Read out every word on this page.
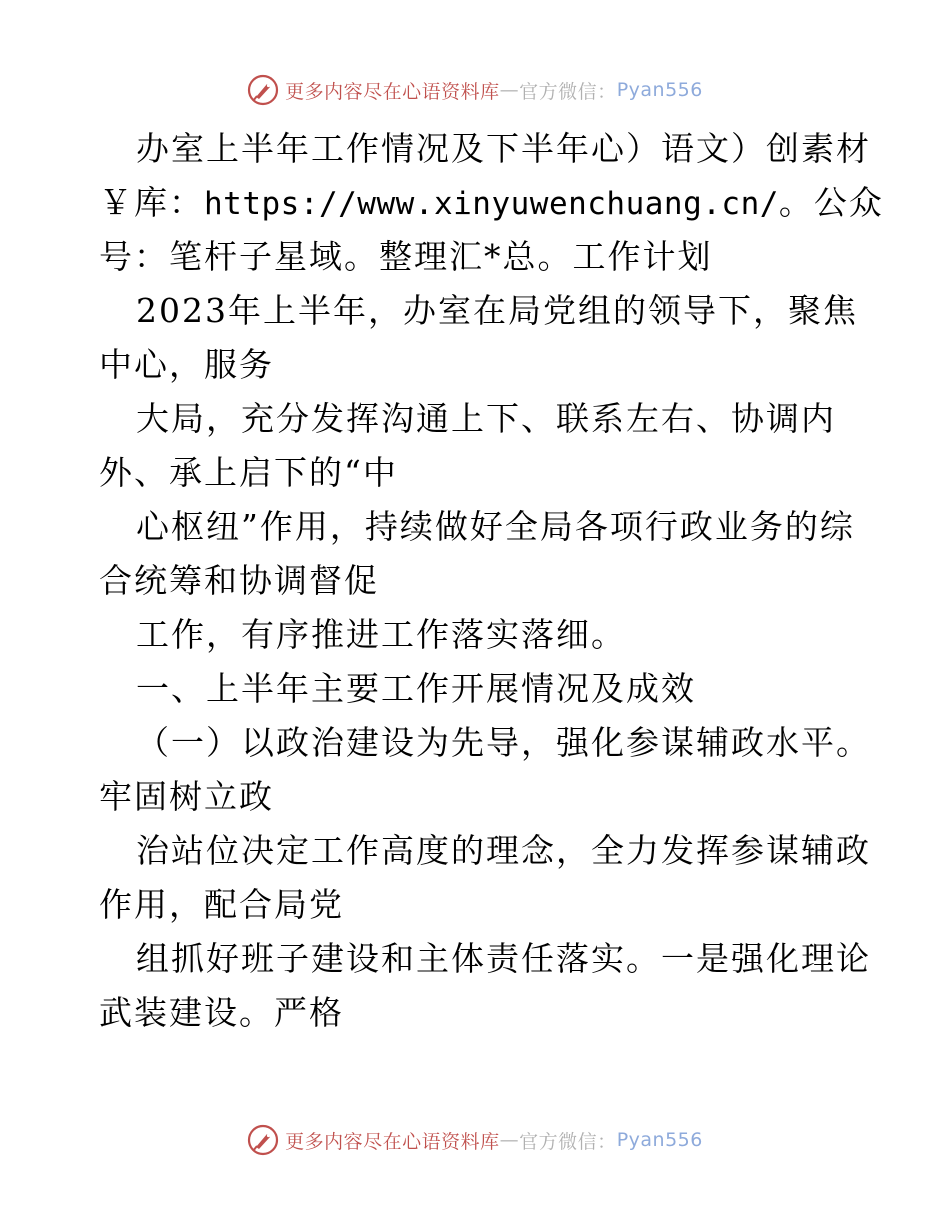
更多内容尽在心语资料库 — 官方微信： Pyan556
办室上半年工作情况及下半年心）语文）创素材
￥库：https://www.xinyuwenchuang.cn/。公众
号：笔杆子星域。整理汇*总。工作计划
2023年上半年，办室在局党组的领导下，聚焦
中心，服务
大局，充分发挥沟通上下、联系左右、协调内
外、承上启下的“中
心枢纽”作用，持续做好全局各项行政业务的综
合统筹和协调督促
工作，有序推进工作落实落细。
一、上半年主要工作开展情况及成效
（一）以政治建设为先导，强化参谋辅政水平。
牢固树立政
治站位决定工作高度的理念，全力发挥参谋辅政
作用，配合局党
组抓好班子建设和主体责任落实。一是强化理论
武装建设。严格
更多内容尽在心语资料库 — 官方微信： Pyan556
